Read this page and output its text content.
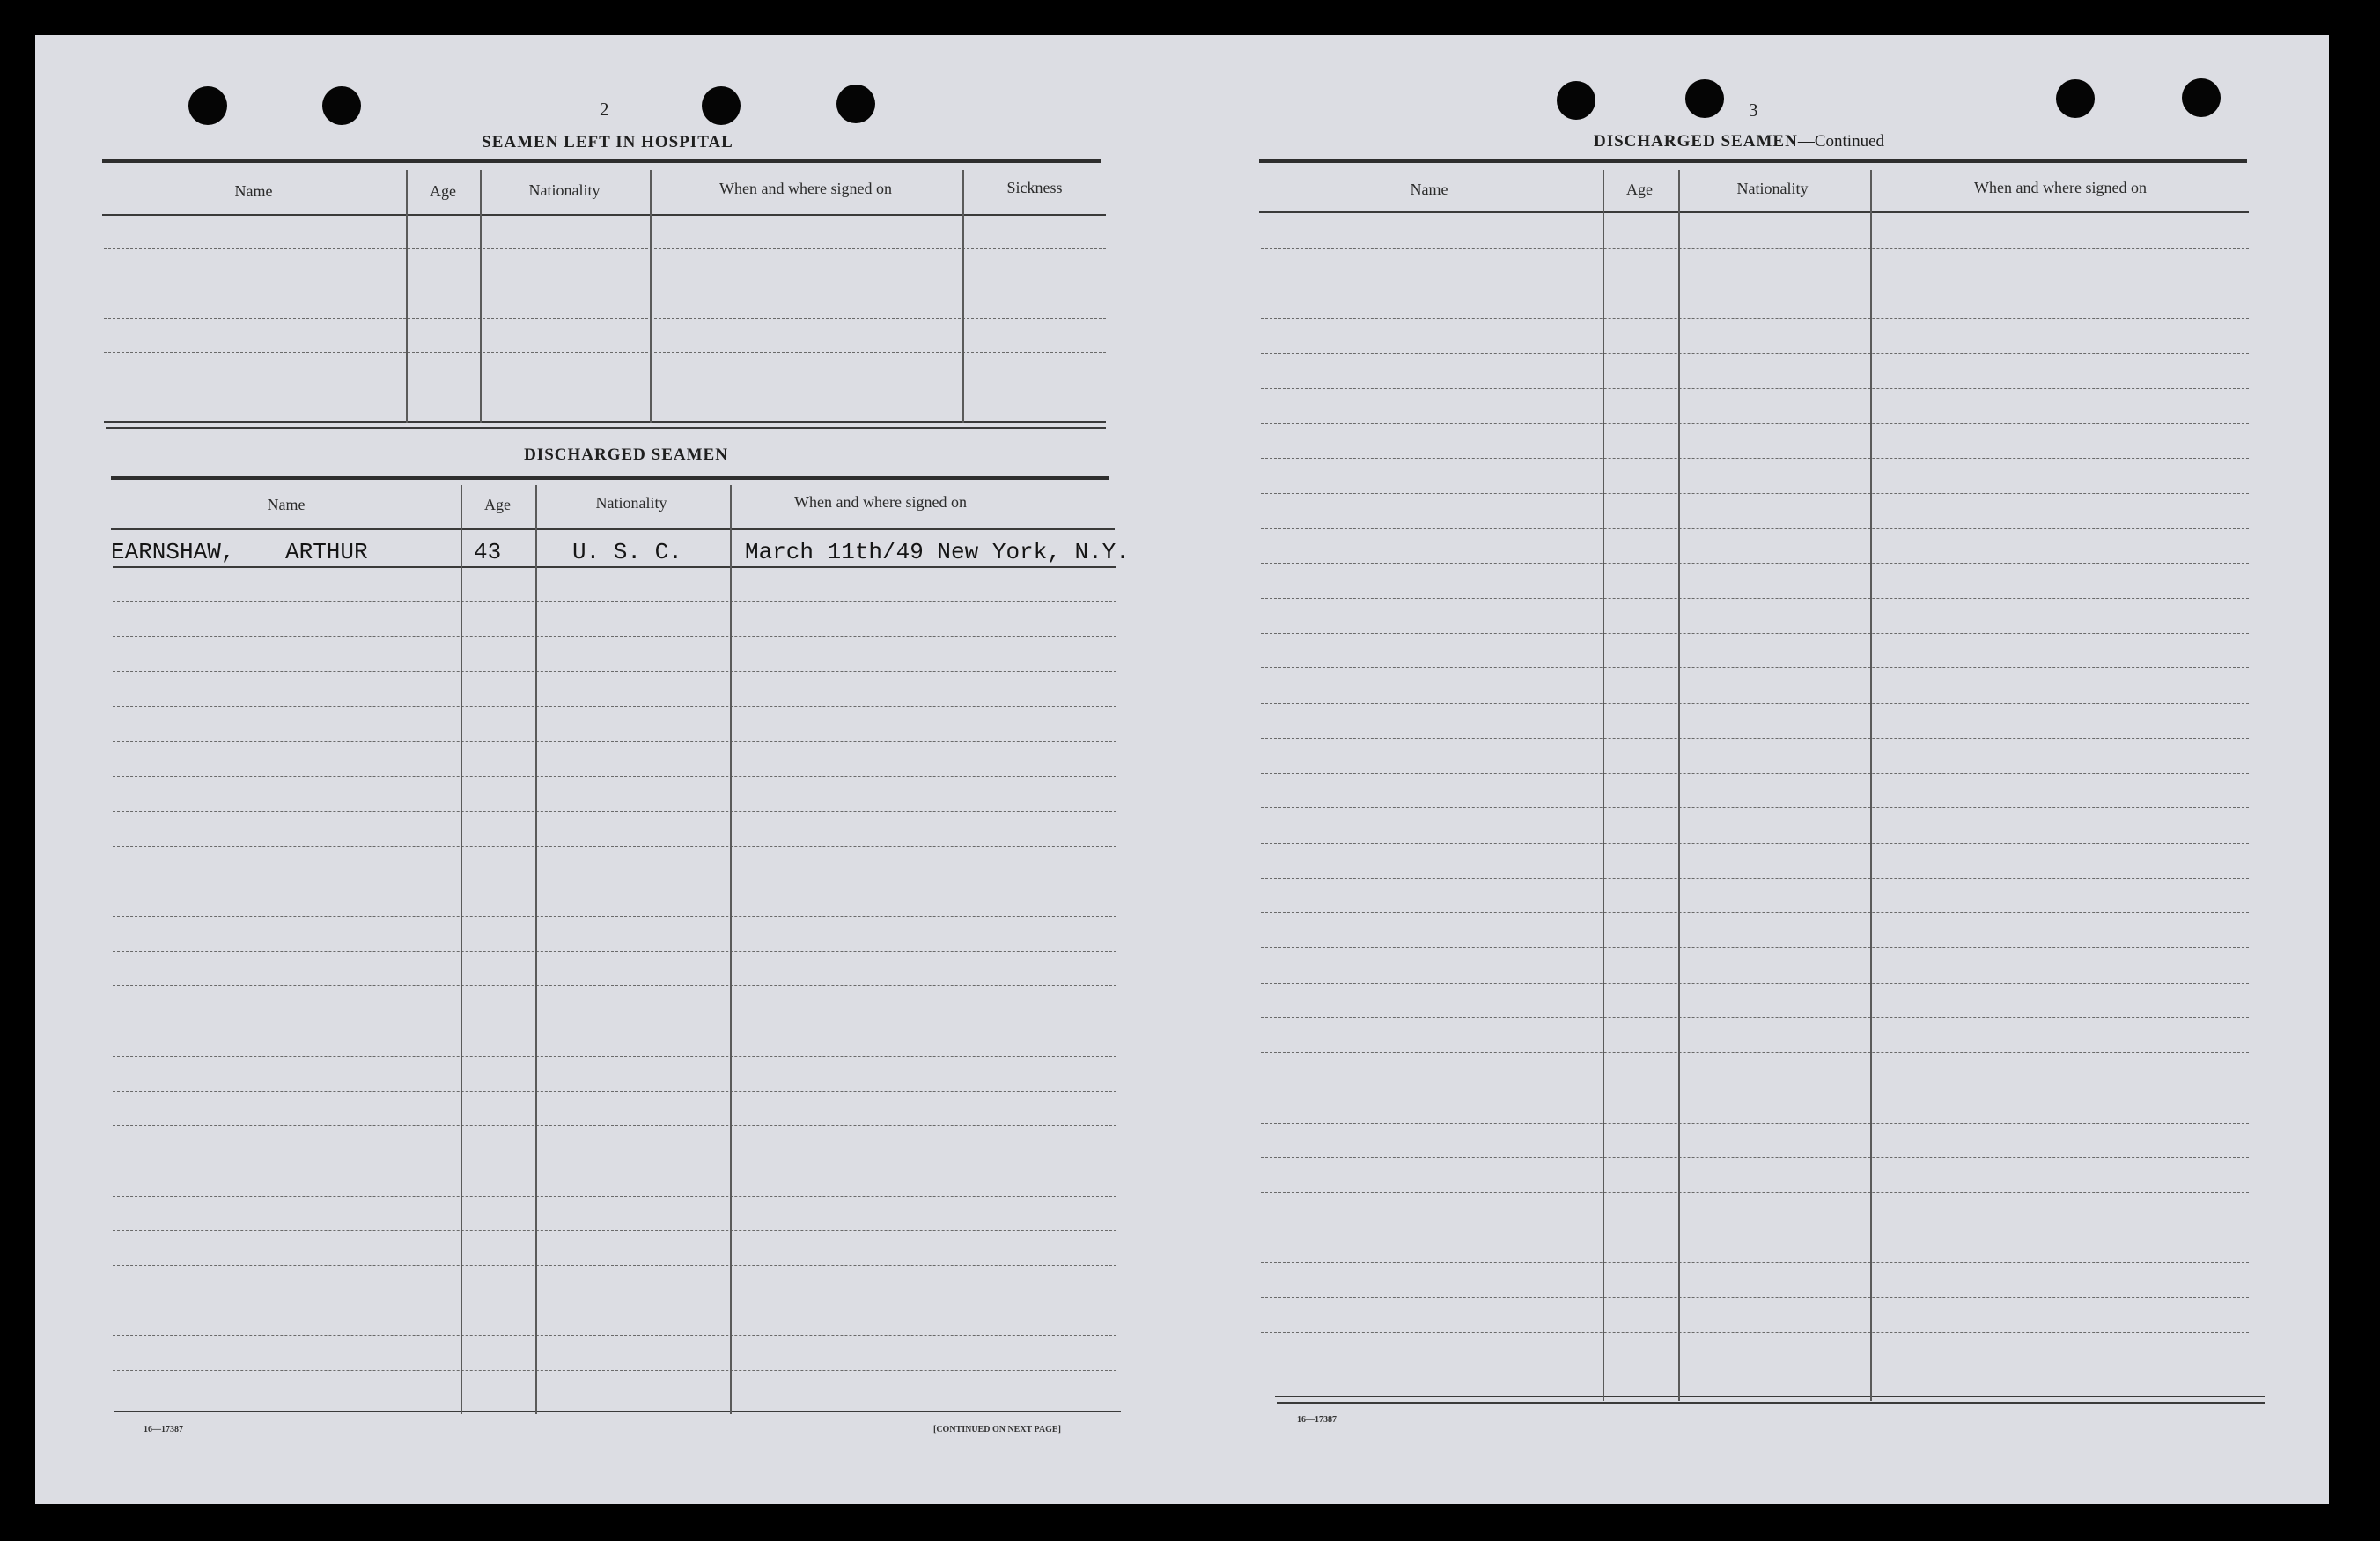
2
SEAMEN LEFT IN HOSPITAL
Name	Age	Nationality	When and where signed on	Sickness
DISCHARGED SEAMEN
Name	Age	Nationality	When and where signed on
EARNSHAW, ARTHUR	43	U. S. C.	March 11th/49 New York, N.Y.
16—17387	[CONTINUED ON NEXT PAGE]
3
DISCHARGED SEAMEN—Continued
Name	Age	Nationality	When and where signed on
16—17387
